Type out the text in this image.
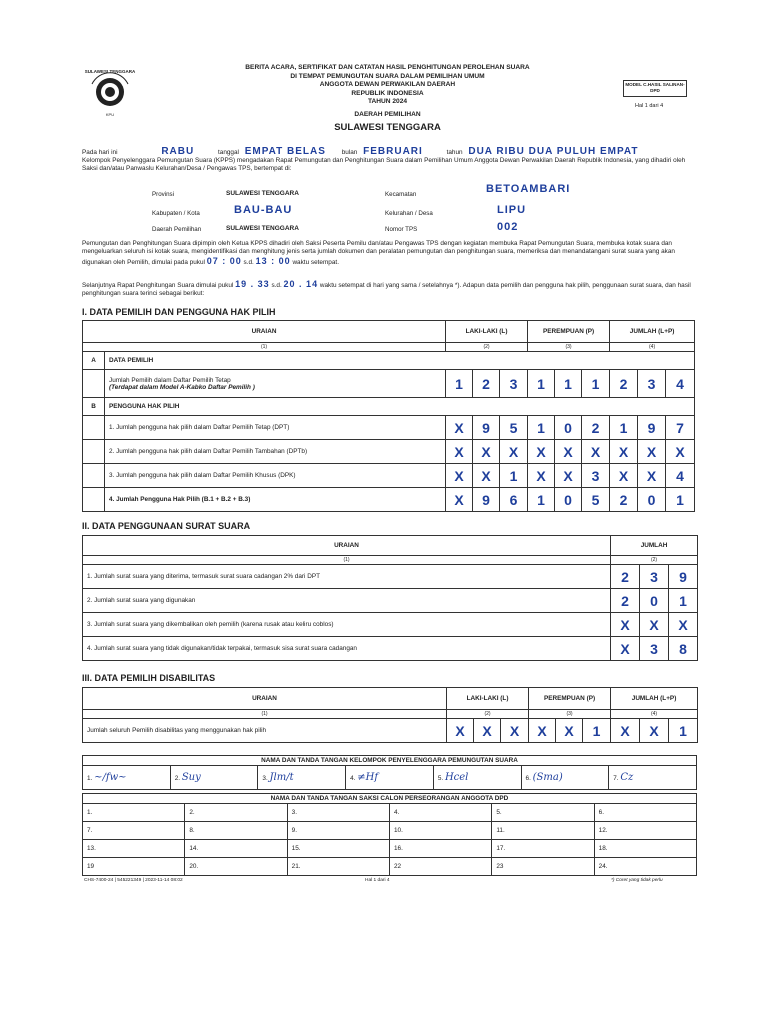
SULAWESI TENGGARA
KPU
BERITA ACARA, SERTIFIKAT DAN CATATAN HASIL PENGHITUNGAN PEROLEHAN SUARA
DI TEMPAT PEMUNGUTAN SUARA DALAM PEMILIHAN UMUM
ANGGOTA DEWAN PERWAKILAN DAERAH
REPUBLIK INDONESIA
TAHUN 2024
DAERAH PEMILIHAN
SULAWESI TENGGARA
MODEL C.HASIL SALINAN-DPD
Hal 1 dari 4
Pada hari ini	RABU	tanggal EMPAT BELAS bulan FEBRUARI	tahun DUA RIBU DUA PULUH EMPAT
Kelompok Penyelenggara Pemungutan Suara (KPPS) mengadakan Rapat Pemungutan dan Penghitungan Suara dalam Pemilihan Umum Anggota Dewan Perwakilan Daerah Republik Indonesia, yang dihadiri oleh Saksi dan/atau Panwaslu Kelurahan/Desa / Pengawas TPS, bertempat di:
Provinsi	SULAWESI TENGGARA
Kabupaten / Kota	BAU-BAU
Daerah Pemilihan	SULAWESI TENGGARA
Kecamatan	BETOAMBARI
Kelurahan / Desa	LIPU
Nomor TPS	002
Pemungutan dan Penghitungan Suara dipimpin oleh Ketua KPPS dihadiri oleh Saksi Peserta Pemilu dan/atau Pengawas TPS dengan kegiatan membuka Rapat Pemungutan Suara, membuka kotak suara dan mengeluarkan seluruh isi kotak suara, mengidentifikasi dan menghitung jenis serta jumlah dokumen dan peralatan pemungutan dan penghitungan suara, memeriksa dan menandatangani surat suara yang akan digunakan oleh Pemilih, dimulai pada pukul 07 : 00 s.d. 13 : 00 waktu setempat.
Selanjutnya Rapat Penghitungan Suara dimulai pukul 19 . 33 s.d. 20 . 14 waktu setempat di hari yang sama / setelahnya *). Adapun data pemilih dan pengguna hak pilih, penggunaan surat suara, dan hasil penghitungan suara terinci sebagai berikut:
I. DATA PEMILIH DAN PENGGUNA HAK PILIH
URAIAN		LAKI-LAKI (L)			PEREMPUAN (P)			JUMLAH (L+P)		
(1)		(2)			(3)			(4)		
A	DATA PEMILIH									

	Jumlah Pemilih dalam Daftar Pemilih Tetap
(Terdapat dalam Model A-Kabko Daftar Pemilih )	1	2	3	1	1	1	2	3	4
B	PENGGUNA HAK PILIH									
	1. Jumlah pengguna hak pilih dalam Daftar Pemilih Tetap (DPT)	X	9	5	1	0	2	1	9	7
	2. Jumlah pengguna hak pilih dalam Daftar Pemilih Tambahan (DPTb)	X	X	X	X	X	X	X	X	X
	3. Jumlah pengguna hak pilih dalam Daftar Pemilih Khusus (DPK)	X	X	1	X	X	3	X	X	4
	4. Jumlah Pengguna Hak Pilih (B.1 + B.2 + B.3)	X	9	6	1	0	5	2	0	1
II. DATA PENGGUNAAN SURAT SUARA
URAIAN	JUMLAH		
(1)	(2)		
1. Jumlah surat suara yang diterima, termasuk surat suara cadangan 2% dari DPT	2	3	9
2. Jumlah surat suara yang digunakan	2	0	1
3. Jumlah surat suara yang dikembalikan oleh pemilih (karena rusak atau keliru coblos)	X	X	X
4. Jumlah surat suara yang tidak digunakan/tidak terpakai, termasuk sisa surat suara cadangan	X	3	8
III. DATA PEMILIH DISABILITAS
URAIAN	LAKI-LAKI (L)			PEREMPUAN (P)			JUMLAH (L+P)		
(1)	(2)			(3)			(4)		
Jumlah seluruh Pemilih disabilitas yang menggunakan hak pilih	X	X	X	X	X	1	X	X	1
NAMA DAN TANDA TANGAN KELOMPOK PENYELENGGARA PEMUNGUTAN SUARA
1. ~∕fw~	2. Suy	3. Jlm∕t	4. ≠Hf	5. Hcel	6. (Sma)	7. Cz
NAMA DAN TANDA TANGAN SAKSI CALON PERSEORANGAN ANGGOTA DPD					
1.	2.	3.	4.	5.	6.
7.	8.	9.	10.	11.	12.
13.	14.	15.	16.	17.	18.
19	20.	21.	22	23	24.
CHS-7400-24 | 545221349 | 2023-11-14 08:02	Hal 1 dari 4	*) Coret yang tidak perlu
